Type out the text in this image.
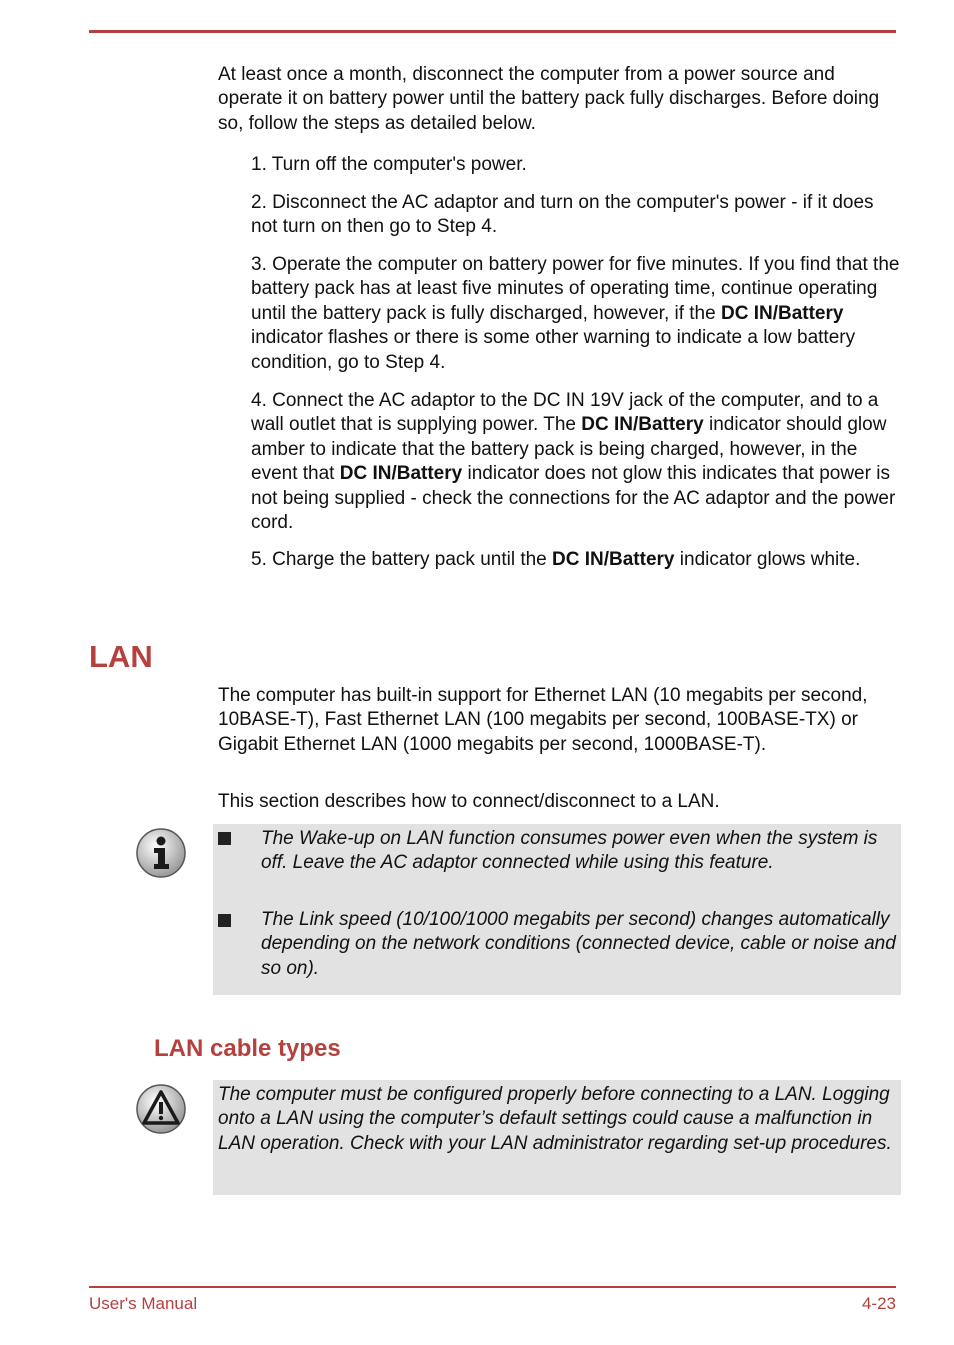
At least once a month, disconnect the computer from a power source and operate it on battery power until the battery pack fully discharges. Before doing so, follow the steps as detailed below.

1. Turn off the computer's power.

2. Disconnect the AC adaptor and turn on the computer's power - if it does not turn on then go to Step 4.

3. Operate the computer on battery power for five minutes. If you find that the battery pack has at least five minutes of operating time, continue operating until the battery pack is fully discharged, however, if the DC IN/Battery indicator flashes or there is some other warning to indicate a low battery condition, go to Step 4.

4. Connect the AC adaptor to the DC IN 19V jack of the computer, and to a wall outlet that is supplying power. The DC IN/Battery indicator should glow amber to indicate that the battery pack is being charged, however, in the event that DC IN/Battery indicator does not glow this indicates that power is not being supplied - check the connections for the AC adaptor and the power cord.

5. Charge the battery pack until the DC IN/Battery indicator glows white.

LAN

The computer has built-in support for Ethernet LAN (10 megabits per second, 10BASE-T), Fast Ethernet LAN (100 megabits per second, 100BASE-TX) or Gigabit Ethernet LAN (1000 megabits per second, 1000BASE-T).

This section describes how to connect/disconnect to a LAN.

The Wake-up on LAN function consumes power even when the system is off. Leave the AC adaptor connected while using this feature.

The Link speed (10/100/1000 megabits per second) changes automatically depending on the network conditions (connected device, cable or noise and so on).

LAN cable types

The computer must be configured properly before connecting to a LAN. Logging onto a LAN using the computer’s default settings could cause a malfunction in LAN operation. Check with your LAN administrator regarding set-up procedures.

User's Manual	4-23
